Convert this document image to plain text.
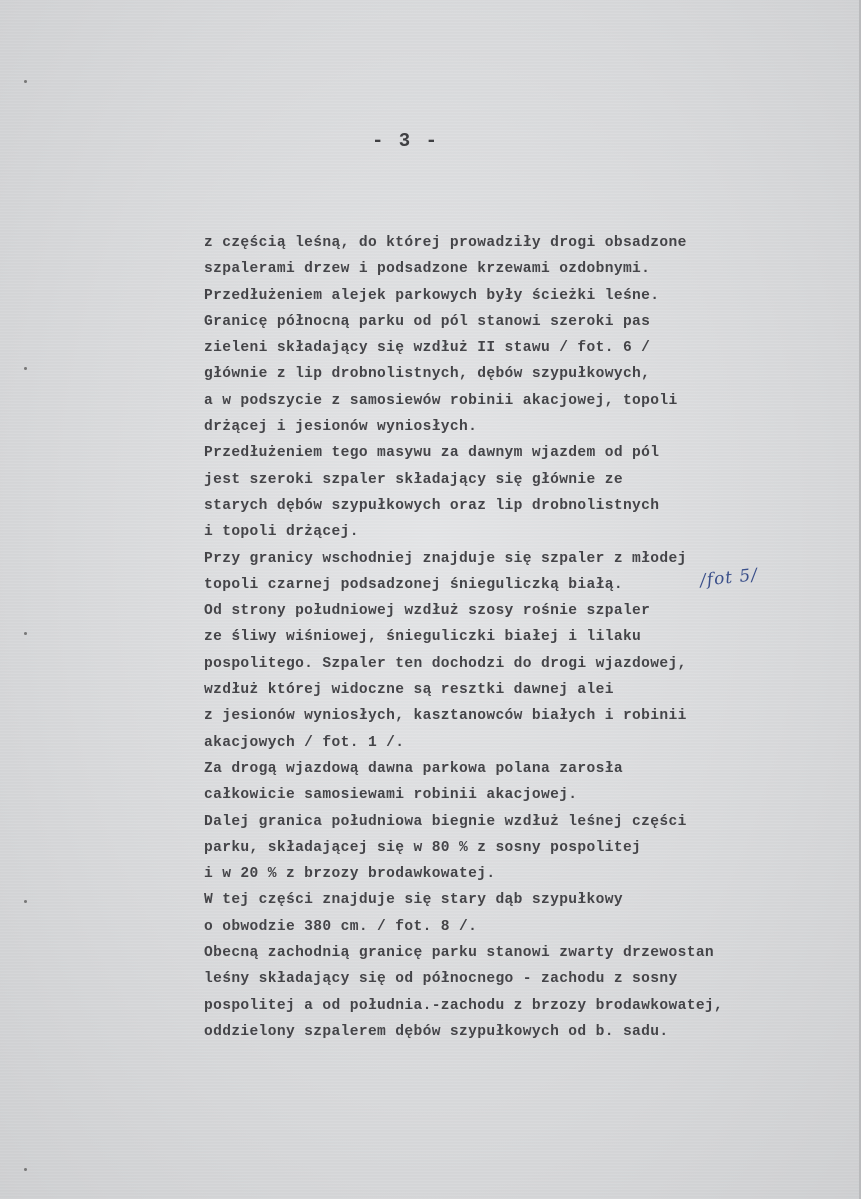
- 3 -
z częścią leśną, do której prowadziły drogi obsadzone
szpalerami drzew i podsadzone krzewami ozdobnymi.
Przedłużeniem alejek parkowych były ścieżki leśne.
Granicę północną parku od pól stanowi szeroki pas
zieleni składający się wzdłuż II stawu / fot. 6 /
głównie z lip drobnolistnych, dębów szypułkowych,
a w podszycie z samosiewów robinii akacjowej, topoli
drżącej i jesionów wyniosłych.
Przedłużeniem tego masywu za dawnym wjazdem od pól
jest szeroki szpaler składający się głównie ze
starych dębów szypułkowych oraz lip drobnolistnych
i topoli drżącej.
Przy granicy wschodniej znajduje się szpaler z młodej
topoli czarnej podsadzonej śnieguliczką białą.
Od strony południowej wzdłuż szosy rośnie szpaler
ze śliwy wiśniowej, śnieguliczki białej i lilaku
pospolitego. Szpaler ten dochodzi do drogi wjazdowej,
wzdłuż której widoczne są resztki dawnej alei
z jesionów wyniosłych, kasztanowców białych i robinii
akacjowych / fot. 1 /.
Za drogą wjazdową dawna parkowa polana zarosła
całkowicie samosiewami robinii akacjowej.
Dalej granica południowa biegnie wzdłuż leśnej części
parku, składającej się w 80 % z sosny pospolitej
i w 20 % z brzozy brodawkowatej.
W tej części znajduje się stary dąb szypułkowy
o obwodzie 380 cm. / fot. 8 /.
Obecną zachodnią granicę parku stanowi zwarty drzewostan
leśny składający się od północnego - zachodu z sosny
pospolitej a od południa.-zachodu z brzozy brodawkowatej,
oddzielony szpalerem dębów szypułkowych od b. sadu.
/fot 5/
